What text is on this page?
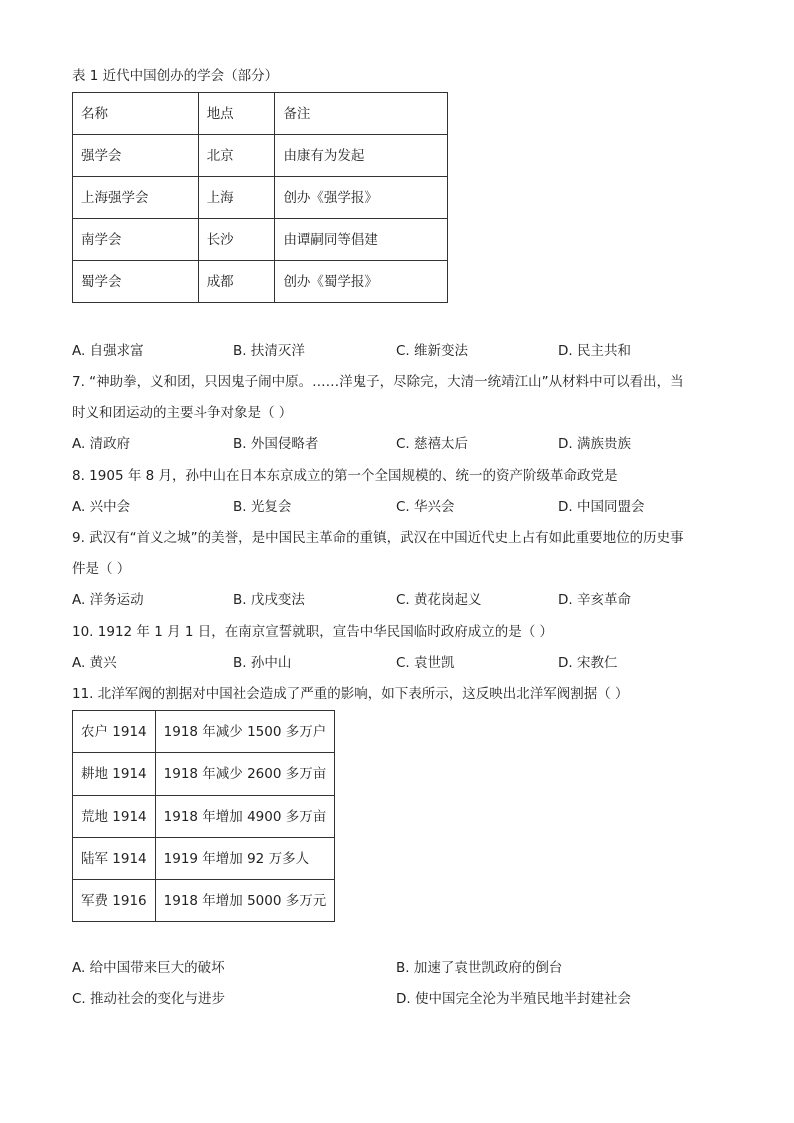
表 1 近代中国创办的学会（部分）
名称	地点	备注
强学会	北京	由康有为发起
上海强学会	上海	创办《强学报》
南学会	长沙	由谭嗣同等倡建
蜀学会	成都	创办《蜀学报》
A. 自强求富	B. 扶清灭洋	C. 维新变法	D. 民主共和
7. “神助拳，义和团，只因鬼子闹中原。……洋鬼子，尽除完，大清一统靖江山”从材料中可以看出，当
时义和团运动的主要斗争对象是（ ）
A. 清政府	B. 外国侵略者	C. 慈禧太后	D. 满族贵族
8. 1905 年 8 月，孙中山在日本东京成立的第一个全国规模的、统一的资产阶级革命政党是
A. 兴中会	B. 光复会	C. 华兴会	D. 中国同盟会
9. 武汉有“首义之城”的美誉，是中国民主革命的重镇，武汉在中国近代史上占有如此重要地位的历史事
件是（ ）
A. 洋务运动	B. 戊戌变法	C. 黄花岗起义	D. 辛亥革命
10. 1912 年 1 月 1 日，在南京宣誓就职，宣告中华民国临时政府成立的是（ ）
A. 黄兴	B. 孙中山	C. 袁世凯	D. 宋教仁
11. 北洋军阀的割据对中国社会造成了严重的影响，如下表所示，这反映出北洋军阀割据（ ）
农户 1914	1918 年减少 1500 多万户
耕地 1914	1918 年减少 2600 多万亩
荒地 1914	1918 年增加 4900 多万亩
陆军 1914	1919 年增加 92 万多人
军费 1916	1918 年增加 5000 多万元
A. 给中国带来巨大的破坏	B. 加速了袁世凯政府的倒台
C. 推动社会的变化与进步	D. 使中国完全沦为半殖民地半封建社会
